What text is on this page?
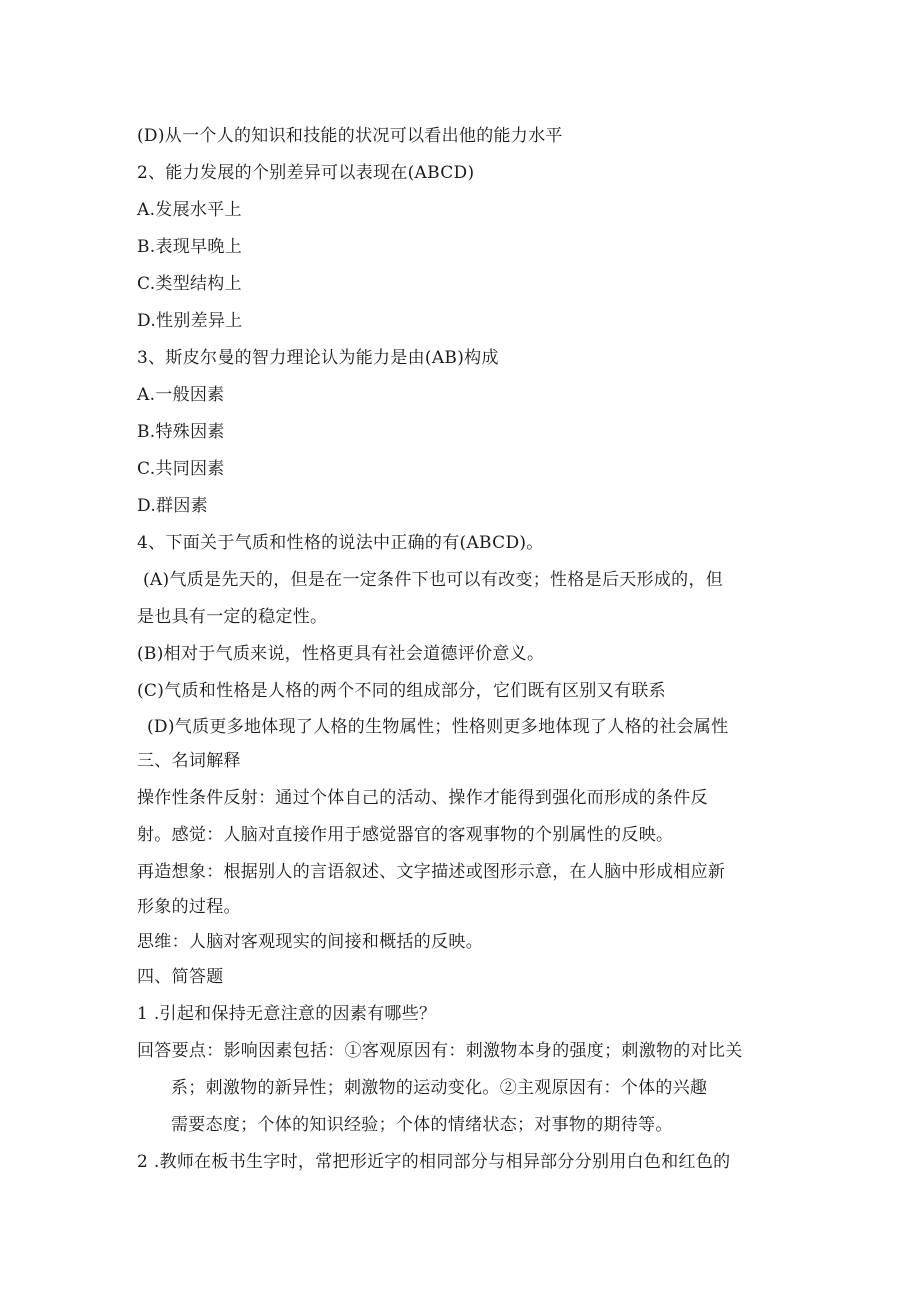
(D)从一个人的知识和技能的状况可以看出他的能力水平
2、能力发展的个别差异可以表现在(ABCD)
A.发展水平上
B.表现早晚上
C.类型结构上
D.性别差异上
3、斯皮尔曼的智力理论认为能力是由(AB)构成
A.一般因素
B.特殊因素
C.共同因素
D.群因素
4、下面关于气质和性格的说法中正确的有(ABCD)。
(A)气质是先天的，但是在一定条件下也可以有改变；性格是后天形成的，但
是也具有一定的稳定性。
(B)相对于气质来说，性格更具有社会道德评价意义。
(C)气质和性格是人格的两个不同的组成部分，它们既有区别又有联系
(D)气质更多地体现了人格的生物属性；性格则更多地体现了人格的社会属性
三、名词解释
操作性条件反射：通过个体自己的活动、操作才能得到强化而形成的条件反
射。感觉：人脑对直接作用于感觉器官的客观事物的个别属性的反映。
再造想象：根据别人的言语叙述、文字描述或图形示意，在人脑中形成相应新
形象的过程。
思维：人脑对客观现实的间接和概括的反映。
四、简答题
1 .引起和保持无意注意的因素有哪些？
回答要点：影响因素包括：①客观原因有：刺激物本身的强度；刺激物的对比关
系；刺激物的新异性；刺激物的运动变化。②主观原因有：个体的兴趣
需要态度；个体的知识经验；个体的情绪状态；对事物的期待等。
2 .教师在板书生字时，常把形近字的相同部分与相异部分分别用白色和红色的
